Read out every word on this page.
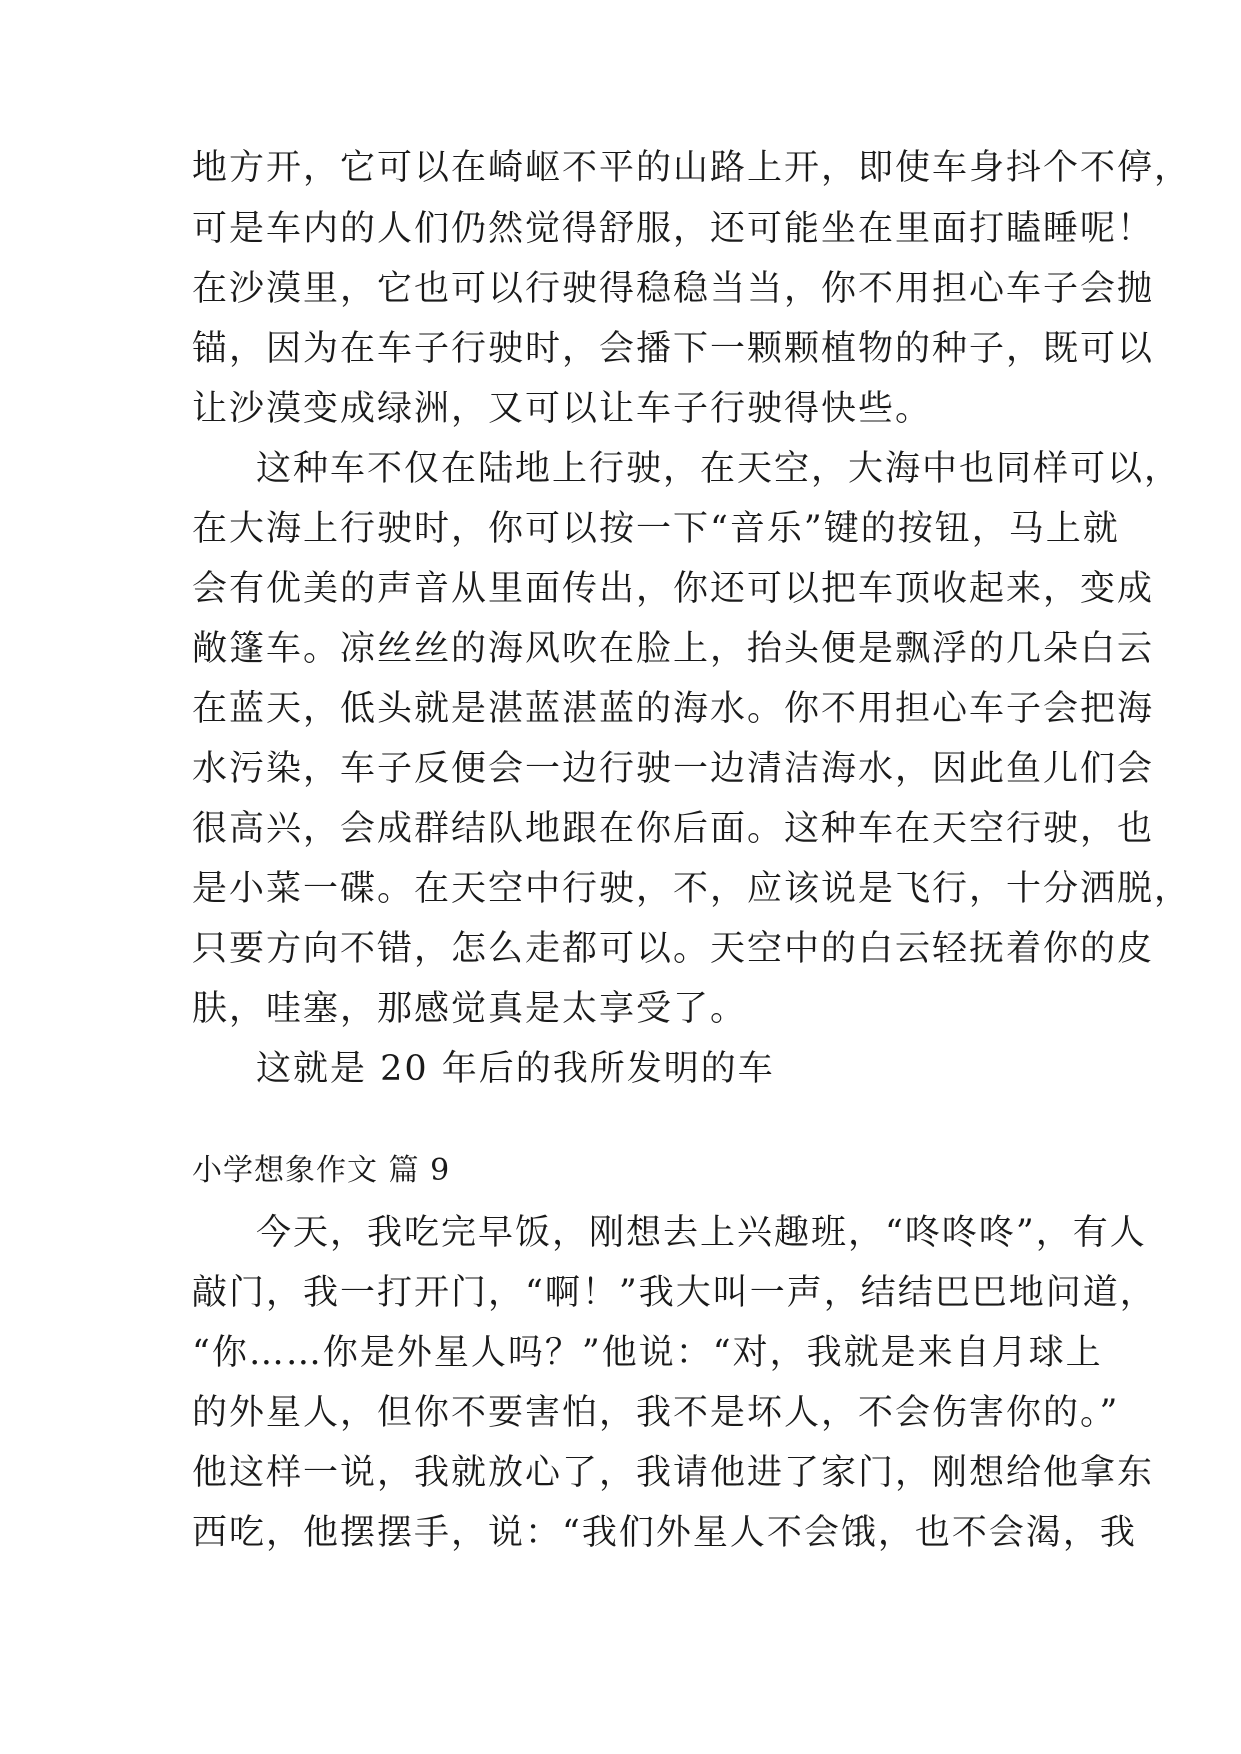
地方开，它可以在崎岖不平的山路上开，即使车身抖个不停，
可是车内的人们仍然觉得舒服，还可能坐在里面打瞌睡呢！
在沙漠里，它也可以行驶得稳稳当当，你不用担心车子会抛
锚，因为在车子行驶时，会播下一颗颗植物的种子，既可以
让沙漠变成绿洲，又可以让车子行驶得快些。
这种车不仅在陆地上行驶，在天空，大海中也同样可以，
在大海上行驶时，你可以按一下“音乐”键的按钮，马上就
会有优美的声音从里面传出，你还可以把车顶收起来，变成
敞篷车。凉丝丝的海风吹在脸上，抬头便是飘浮的几朵白云
在蓝天，低头就是湛蓝湛蓝的海水。你不用担心车子会把海
水污染，车子反便会一边行驶一边清洁海水，因此鱼儿们会
很高兴，会成群结队地跟在你后面。这种车在天空行驶，也
是小菜一碟。在天空中行驶，不，应该说是飞行，十分洒脱，
只要方向不错，怎么走都可以。天空中的白云轻抚着你的皮
肤，哇塞，那感觉真是太享受了。
这就是 20 年后的我所发明的车
小学想象作文 篇 9
今天，我吃完早饭，刚想去上兴趣班，“咚咚咚”，有人
敲门，我一打开门，“啊！”我大叫一声，结结巴巴地问道，
“你……你是外星人吗？”他说：“对，我就是来自月球上
的外星人，但你不要害怕，我不是坏人，不会伤害你的。”
他这样一说，我就放心了，我请他进了家门，刚想给他拿东
西吃，他摆摆手，说：“我们外星人不会饿，也不会渴，我
